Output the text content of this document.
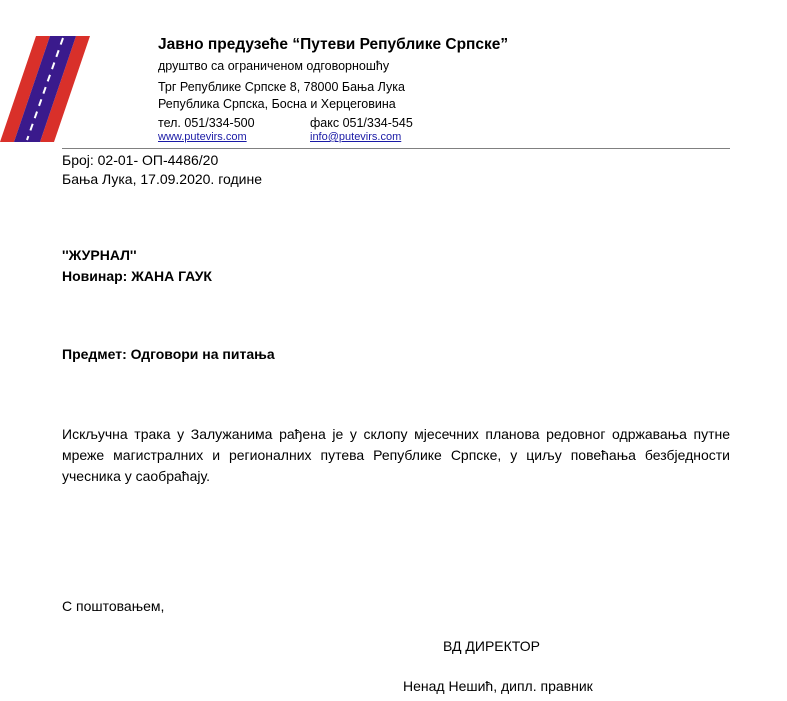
Јавно предузеће “Путеви Републике Српске”
друштво са ограниченом одговорношћу
Трг Републике Српске 8, 78000 Бања Лука
Република Српска, Босна и Херцеговина
тел. 051/334-500	факс 051/334-545
www.putevirs.com	info@putevirs.com
Број: 02-01- ОП-4486/20
Бања Лука, 17.09.2020. године
''ЖУРНАЛ''
Новинар: ЖАНА ГАУК
Предмет: Одговори на питања
Искључна трака у Залужанима рађена је у склопу мјесечних планова редовног одржавања путне мреже магистралних и регионалних путева Републике Српске, у циљу повећања безбједности учесника у саобраћају.
С поштовањем,
ВД ДИРЕКТОР
Ненад Нешић, дипл. правник
